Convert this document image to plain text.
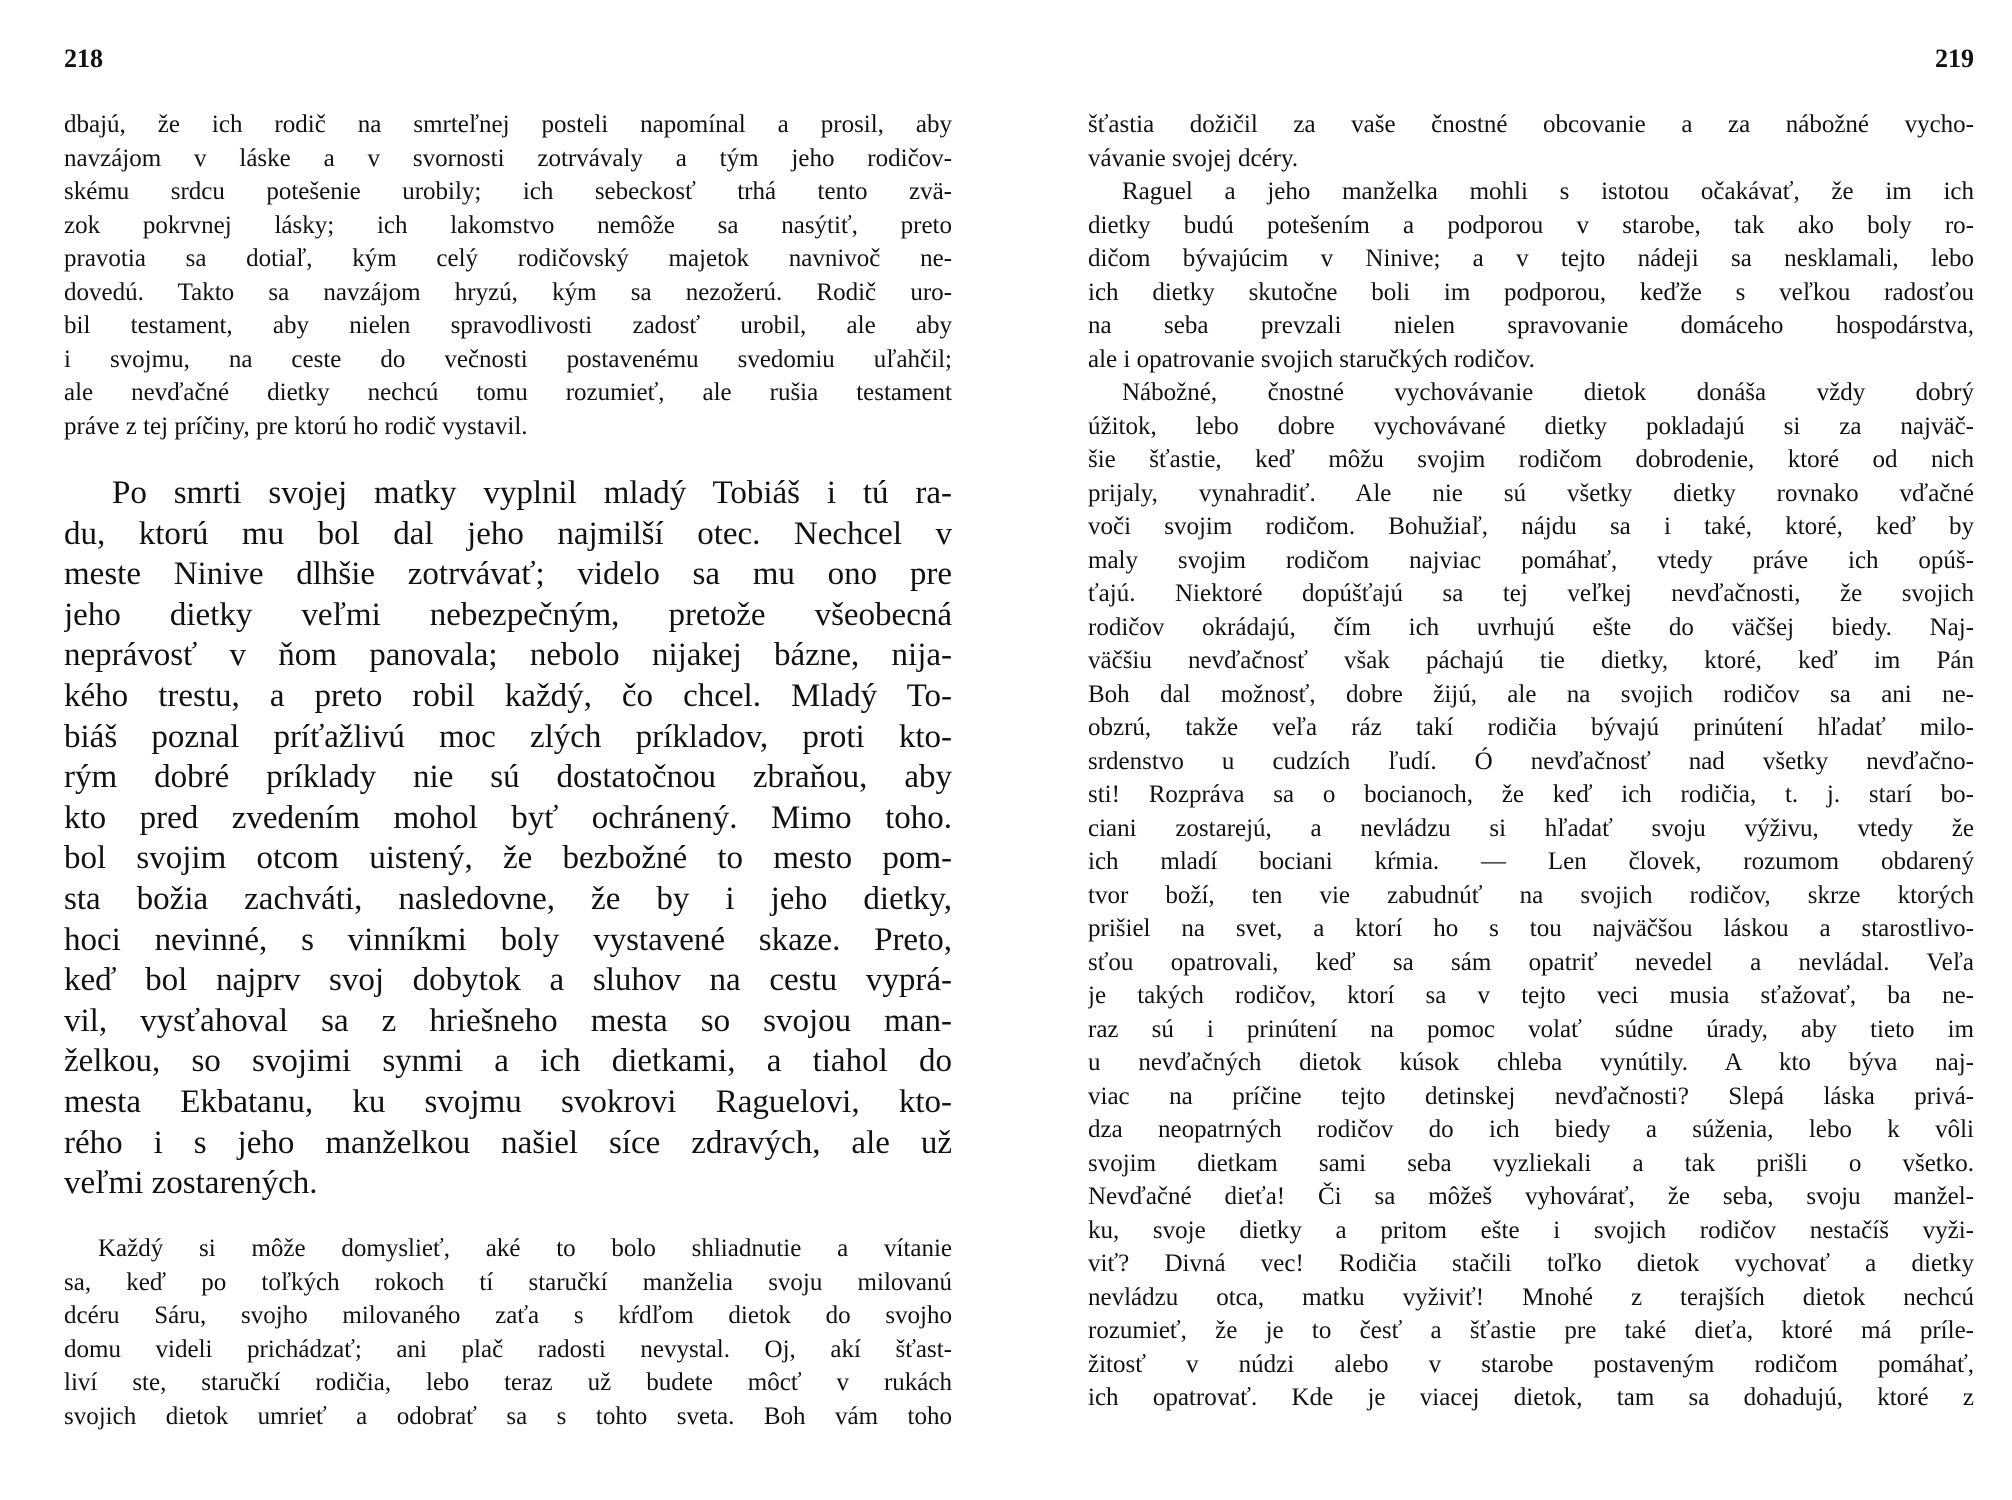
218
dbajú, že ich rodič na smrteľnej posteli napomínal a prosil, aby
navzájom v láske a v svornosti zotrvávaly a tým jeho rodičov-
skému srdcu potešenie urobily; ich sebeckosť trhá tento zvä-
zok pokrvnej lásky; ich lakomstvo nemôže sa nasýtiť, preto
pravotia sa dotiaľ, kým celý rodičovský majetok navnivoč ne-
dovedú. Takto sa navzájom hryzú, kým sa nezožerú. Rodič uro-
bil testament, aby nielen spravodlivosti zadosť urobil, ale aby
i svojmu, na ceste do večnosti postavenému svedomiu uľahčil;
ale nevďačné dietky nechcú tomu rozumieť, ale rušia testament
práve z tej príčiny, pre ktorú ho rodič vystavil.
Po smrti svojej matky vyplnil mladý Tobiáš i tú ra-
du, ktorú mu bol dal jeho najmilší otec. Nechcel v
meste Ninive dlhšie zotrvávať; videlo sa mu ono pre
jeho dietky veľmi nebezpečným, pretože všeobecná
neprávosť v ňom panovala; nebolo nijakej bázne, nija-
kého trestu, a preto robil každý, čo chcel. Mladý To-
biáš poznal príťažlivú moc zlých príkladov, proti kto-
rým dobré príklady nie sú dostatočnou zbraňou, aby
kto pred zvedením mohol byť ochránený. Mimo toho.
bol svojim otcom uistený, že bezbožné to mesto pom-
sta božia zachváti, nasledovne, že by i jeho dietky,
hoci nevinné, s vinníkmi boly vystavené skaze. Preto,
keď bol najprv svoj dobytok a sluhov na cestu vyprá-
vil, vysťahoval sa z hriešneho mesta so svojou man-
želkou, so svojimi synmi a ich dietkami, a tiahol do
mesta Ekbatanu, ku svojmu svokrovi Raguelovi, kto-
rého i s jeho manželkou našiel síce zdravých, ale už
veľmi zostarených.
Každý si môže domyslieť, aké to bolo shliadnutie a vítanie
sa, keď po toľkých rokoch tí staručkí manželia svoju milovanú
dcéru Sáru, svojho milovaného zaťa s kŕdľom dietok do svojho
domu videli prichádzať; ani plač radosti nevystal. Oj, akí šťast-
liví ste, staručkí rodičia, lebo teraz už budete môcť v rukách
svojich dietok umrieť a odobrať sa s tohto sveta. Boh vám toho
219
šťastia dožičil za vaše čnostné obcovanie a za nábožné vycho-
vávanie svojej dcéry.
Raguel a jeho manželka mohli s istotou očakávať, že im ich
dietky budú potešením a podporou v starobe, tak ako boly ro-
dičom bývajúcim v Ninive; a v tejto nádeji sa nesklamali, lebo
ich dietky skutočne boli im podporou, keďže s veľkou radosťou
na seba prevzali nielen spravovanie domáceho hospodárstva,
ale i opatrovanie svojich staručkých rodičov.
Nábožné, čnostné vychovávanie dietok donáša vždy dobrý
úžitok, lebo dobre vychovávané dietky pokladajú si za najväč-
šie šťastie, keď môžu svojim rodičom dobrodenie, ktoré od nich
prijaly, vynahradiť. Ale nie sú všetky dietky rovnako vďačné
voči svojim rodičom. Bohužiaľ, nájdu sa i také, ktoré, keď by
maly svojim rodičom najviac pomáhať, vtedy práve ich opúš-
ťajú. Niektoré dopúšťajú sa tej veľkej nevďačnosti, že svojich
rodičov okrádajú, čím ich uvrhujú ešte do väčšej biedy. Naj-
väčšiu nevďačnosť však páchajú tie dietky, ktoré, keď im Pán
Boh dal možnosť, dobre žijú, ale na svojich rodičov sa ani ne-
obzrú, takže veľa ráz takí rodičia bývajú prinútení hľadať milo-
srdenstvo u cudzích ľudí. Ó nevďačnosť nad všetky nevďačno-
sti! Rozpráva sa o bocianoch, že keď ich rodičia, t. j. starí bo-
ciani zostarejú, a nevládzu si hľadať svoju výživu, vtedy že
ich mladí bociani kŕmia. — Len človek, rozumom obdarený
tvor boží, ten vie zabudnúť na svojich rodičov, skrze ktorých
prišiel na svet, a ktorí ho s tou najväčšou láskou a starostlivo-
sťou opatrovali, keď sa sám opatriť nevedel a nevládal. Veľa
je takých rodičov, ktorí sa v tejto veci musia sťažovať, ba ne-
raz sú i prinútení na pomoc volať súdne úrady, aby tieto im
u nevďačných dietok kúsok chleba vynútily. A kto býva naj-
viac na príčine tejto detinskej nevďačnosti? Slepá láska privá-
dza neopatrných rodičov do ich biedy a súženia, lebo k vôli
svojim dietkam sami seba vyzliekali a tak prišli o všetko.
Nevďačné dieťa! Či sa môžeš vyhovárať, že seba, svoju manžel-
ku, svoje dietky a pritom ešte i svojich rodičov nestačíš vyži-
viť? Divná vec! Rodičia stačili toľko dietok vychovať a dietky
nevládzu otca, matku vyživiť! Mnohé z terajších dietok nechcú
rozumieť, že je to česť a šťastie pre také dieťa, ktoré má príle-
žitosť v núdzi alebo v starobe postaveným rodičom pomáhať,
ich opatrovať. Kde je viacej dietok, tam sa dohadujú, ktoré z
